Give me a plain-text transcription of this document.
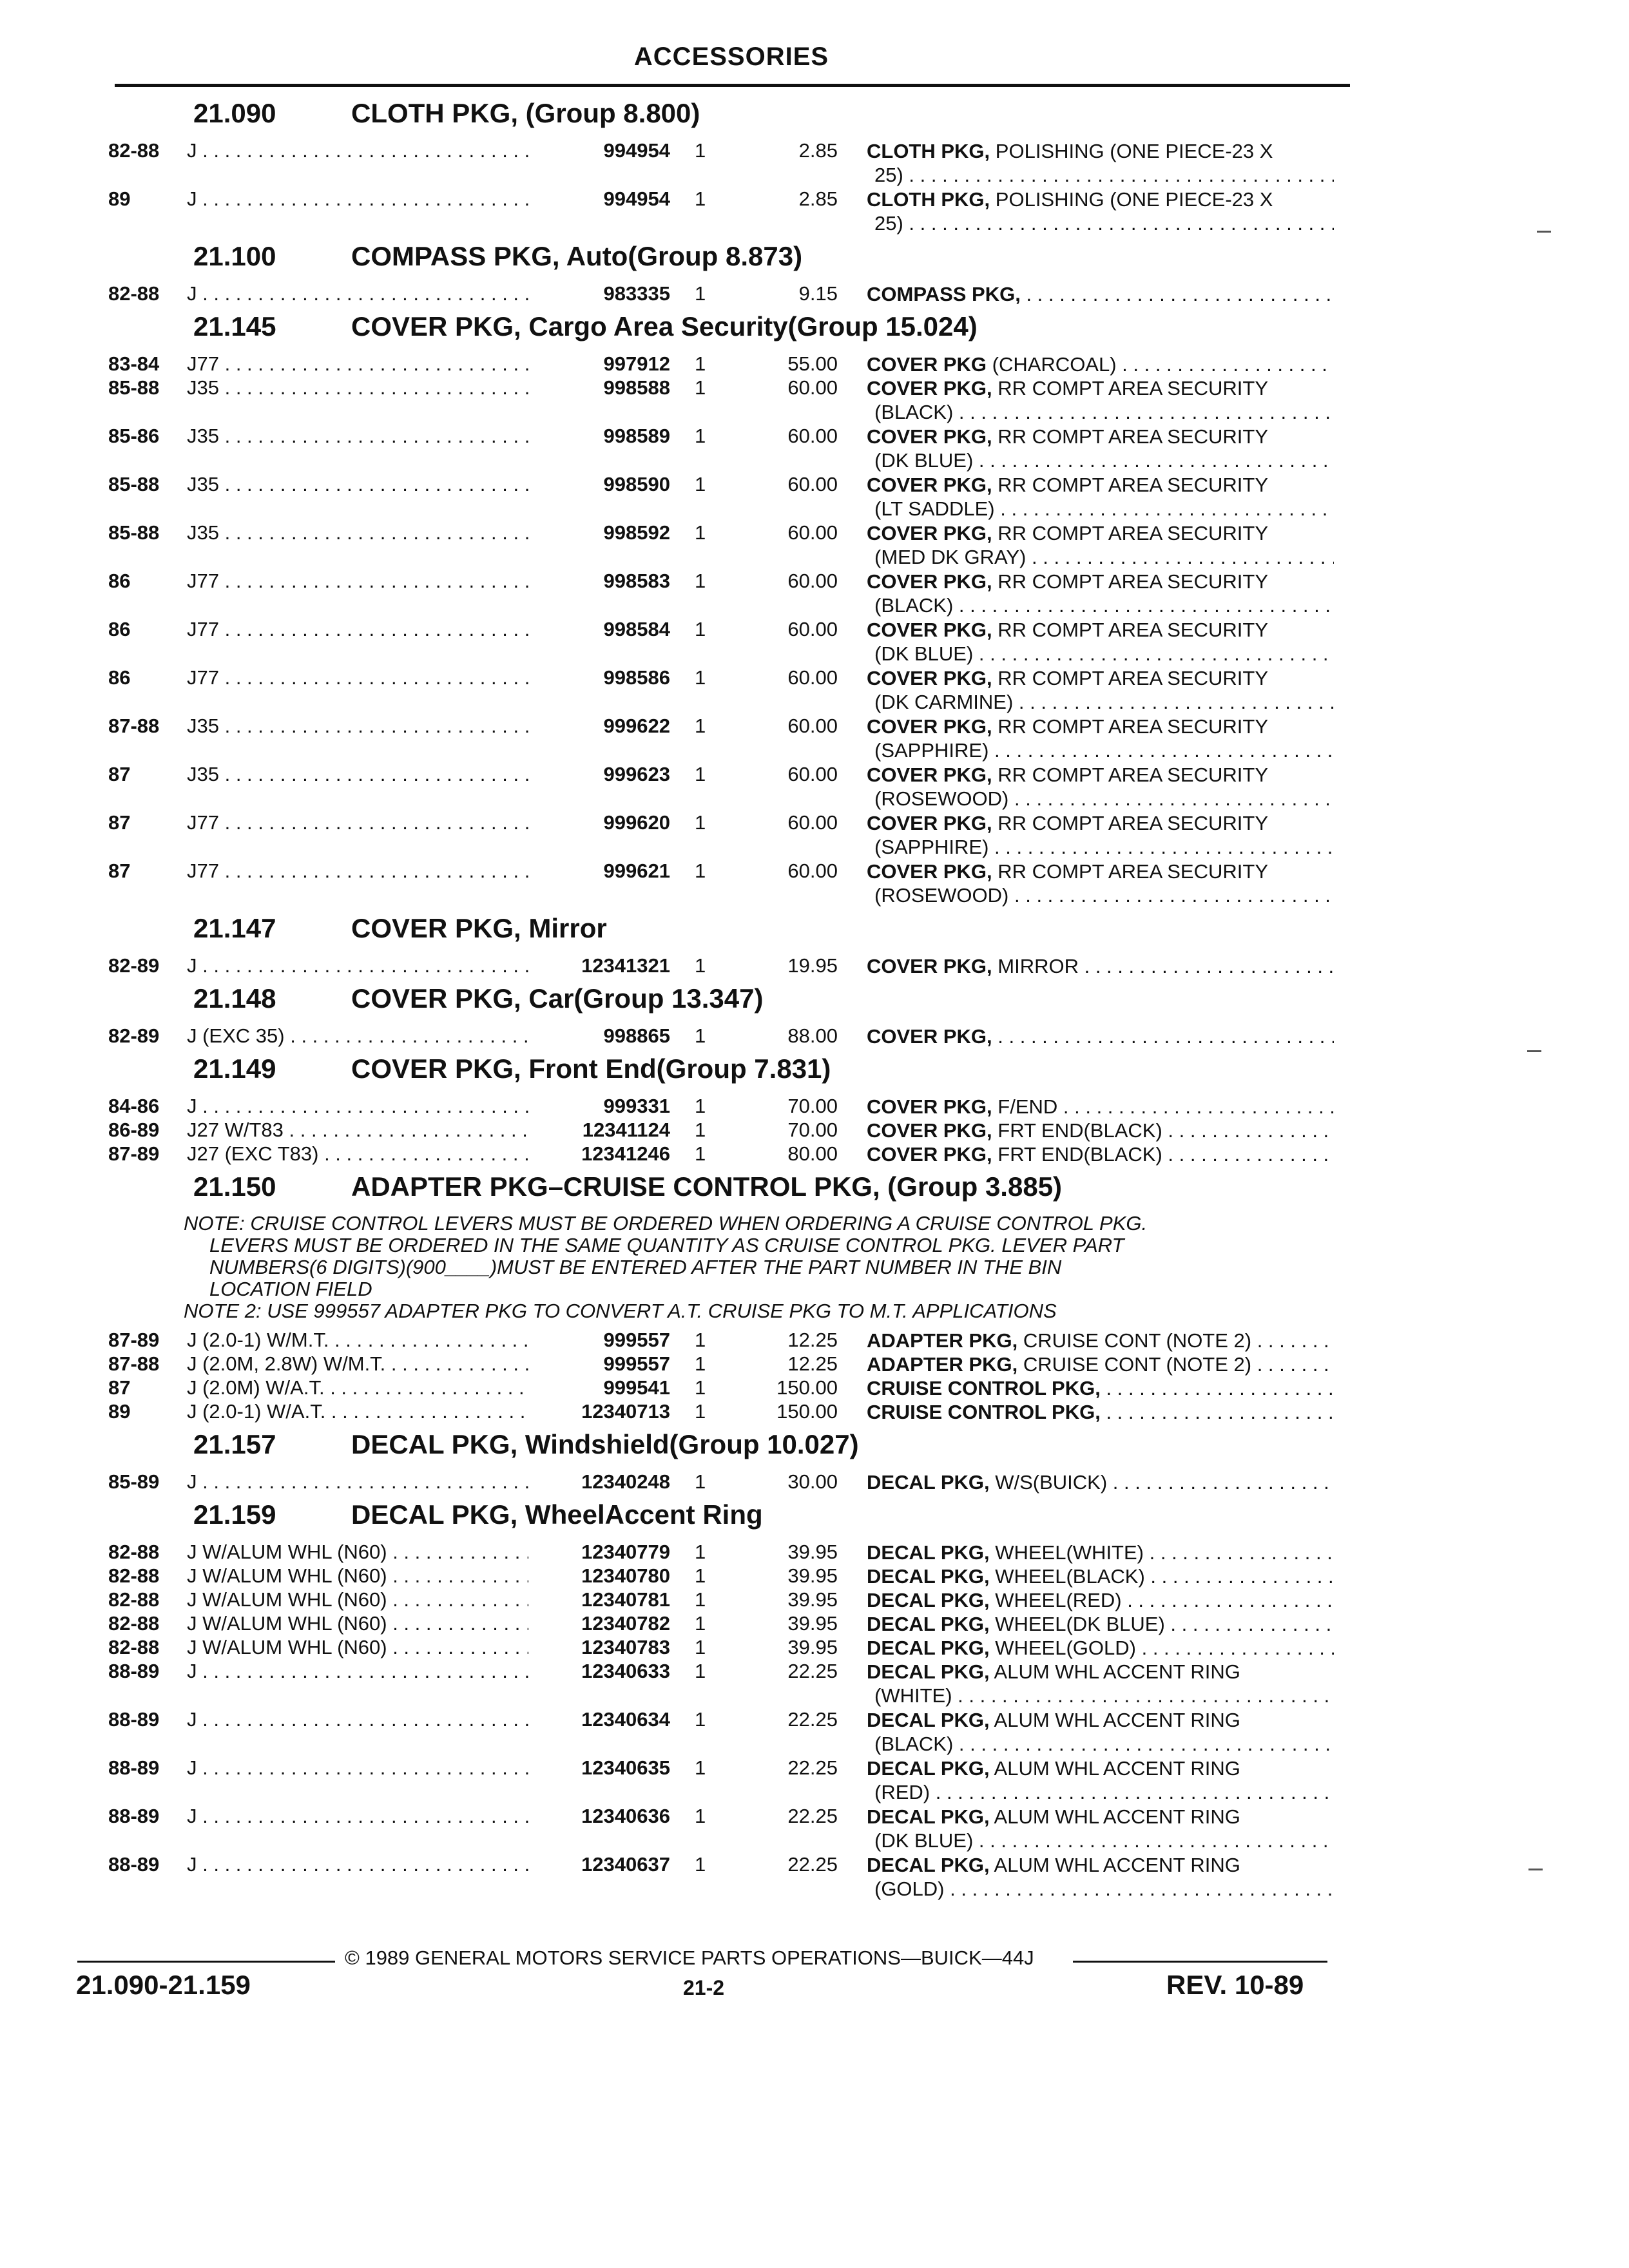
ACCESSORIES
21.090	CLOTH PKG, (Group 8.800)
82-88 J . . .	994954 1	2.85 CLOTH PKG, POLISHING (ONE PIECE-23 X
25) . . .
89	J . . .	994954 1	2.85 CLOTH PKG, POLISHING (ONE PIECE-23 X
25) . . .
21.100	COMPASS PKG, Auto(Group 8.873)
82-88 J . . .	983335 1	9.15 COMPASS PKG, . . .
21.145	COVER PKG, Cargo Area Security(Group 15.024)
83-84 J77 . . .	997912 1	55.00 COVER PKG (CHARCOAL) . . .
85-88 J35 . . .	998588 1	60.00 COVER PKG, RR COMPT AREA SECURITY
(BLACK) . . .
85-86 J35 . . .	998589 1	60.00 COVER PKG, RR COMPT AREA SECURITY
(DK BLUE) . . .
85-88 J35 . . .	998590 1	60.00 COVER PKG, RR COMPT AREA SECURITY
(LT SADDLE) . . .
85-88 J35 . . .	998592 1	60.00 COVER PKG, RR COMPT AREA SECURITY
(MED DK GRAY) . . .
86	J77 . . .	998583 1	60.00 COVER PKG, RR COMPT AREA SECURITY
(BLACK) . . .
86	J77 . . .	998584 1	60.00 COVER PKG, RR COMPT AREA SECURITY
(DK BLUE) . . .
86	J77 . . .	998586 1	60.00 COVER PKG, RR COMPT AREA SECURITY
(DK CARMINE) . . .
87-88 J35 . . .	999622 1	60.00 COVER PKG, RR COMPT AREA SECURITY
(SAPPHIRE) . . .
87	J35 . . .	999623 1	60.00 COVER PKG, RR COMPT AREA SECURITY
(ROSEWOOD) . . .
87	J77 . . .	999620 1	60.00 COVER PKG, RR COMPT AREA SECURITY
(SAPPHIRE) . . .
87	J77 . . .	999621 1	60.00 COVER PKG, RR COMPT AREA SECURITY
(ROSEWOOD) . . .
21.147	COVER PKG, Mirror
82-89 J . . .	12341321 1	19.95 COVER PKG, MIRROR . . .
21.148	COVER PKG, Car(Group 13.347)
82-89 J (EXC 35) . . .	998865 1	88.00 COVER PKG, . . .
21.149	COVER PKG, Front End(Group 7.831)
84-86 J . . .	999331 1	70.00 COVER PKG, F/END . . .
86-89 J27 W/T83 . . .	12341124 1	70.00 COVER PKG, FRT END(BLACK) . . .
87-89 J27 (EXC T83) . . .	12341246 1	80.00 COVER PKG, FRT END(BLACK) . . .
21.150	ADAPTER PKG–CRUISE CONTROL PKG, (Group 3.885)
NOTE: CRUISE CONTROL LEVERS MUST BE ORDERED WHEN ORDERING A CRUISE CONTROL PKG.
LEVERS MUST BE ORDERED IN THE SAME QUANTITY AS CRUISE CONTROL PKG. LEVER PART
NUMBERS(6 DIGITS)(900____)MUST BE ENTERED AFTER THE PART NUMBER IN THE BIN
LOCATION FIELD
NOTE 2: USE 999557 ADAPTER PKG TO CONVERT A.T. CRUISE PKG TO M.T. APPLICATIONS
87-89 J (2.0-1) W/M.T. . . .	999557 1	12.25 ADAPTER PKG, CRUISE CONT (NOTE 2) . . .
87-88 J (2.0M, 2.8W) W/M.T. . . .	999557 1	12.25 ADAPTER PKG, CRUISE CONT (NOTE 2) . . .
87	J (2.0M) W/A.T. . . .	999541 1	150.00 CRUISE CONTROL PKG, . . .
89	J (2.0-1) W/A.T. . . .	12340713 1	150.00 CRUISE CONTROL PKG, . . .
21.157	DECAL PKG, Windshield(Group 10.027)
85-89 J . . .	12340248 1	30.00 DECAL PKG, W/S(BUICK) . . .
21.159	DECAL PKG, WheelAccent Ring
82-88 J W/ALUM WHL (N60) . . .	12340779 1	39.95 DECAL PKG, WHEEL(WHITE) . . .
82-88 J W/ALUM WHL (N60) . . .	12340780 1	39.95 DECAL PKG, WHEEL(BLACK) . . .
82-88 J W/ALUM WHL (N60) . . .	12340781 1	39.95 DECAL PKG, WHEEL(RED) . . .
82-88 J W/ALUM WHL (N60) . . .	12340782 1	39.95 DECAL PKG, WHEEL(DK BLUE) . . .
82-88 J W/ALUM WHL (N60) . . .	12340783 1	39.95 DECAL PKG, WHEEL(GOLD) . . .
88-89 J . . .	12340633 1	22.25 DECAL PKG, ALUM WHL ACCENT RING
(WHITE) . . .
88-89 J . . .	12340634 1	22.25 DECAL PKG, ALUM WHL ACCENT RING
(BLACK) . . .
88-89 J . . .	12340635 1	22.25 DECAL PKG, ALUM WHL ACCENT RING
(RED) . . .
88-89 J . . .	12340636 1	22.25 DECAL PKG, ALUM WHL ACCENT RING
(DK BLUE) . . .
88-89 J . . .	12340637 1	22.25 DECAL PKG, ALUM WHL ACCENT RING
(GOLD) . . .
© 1989 GENERAL MOTORS SERVICE PARTS OPERATIONS—BUICK—44J
21.090-21.159	21-2	REV. 10-89
